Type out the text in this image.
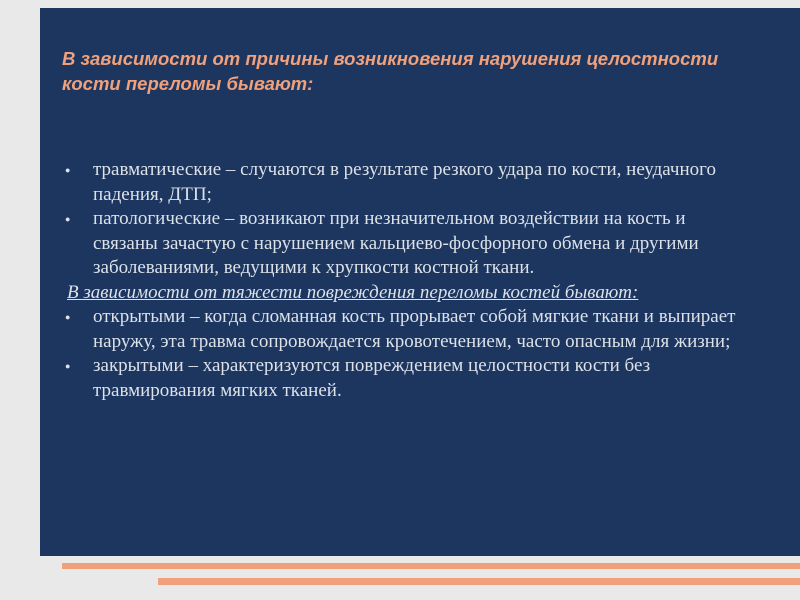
В зависимости от причины возникновения нарушения целостности кости переломы бывают:
● травматические – случаются в результате резкого удара по кости, неудачного падения, ДТП;
● патологические – возникают при незначительном воздействии на кость и связаны зачастую с нарушением кальциево-фосфорного обмена и другими заболеваниями, ведущими к хрупкости костной ткани.
В зависимости от тяжести повреждения переломы костей бывают:
● открытыми – когда сломанная кость прорывает собой мягкие ткани и выпирает наружу, эта травма сопровождается кровотечением, часто опасным для жизни;
● закрытыми – характеризуются повреждением целостности кости без травмирования мягких тканей.
